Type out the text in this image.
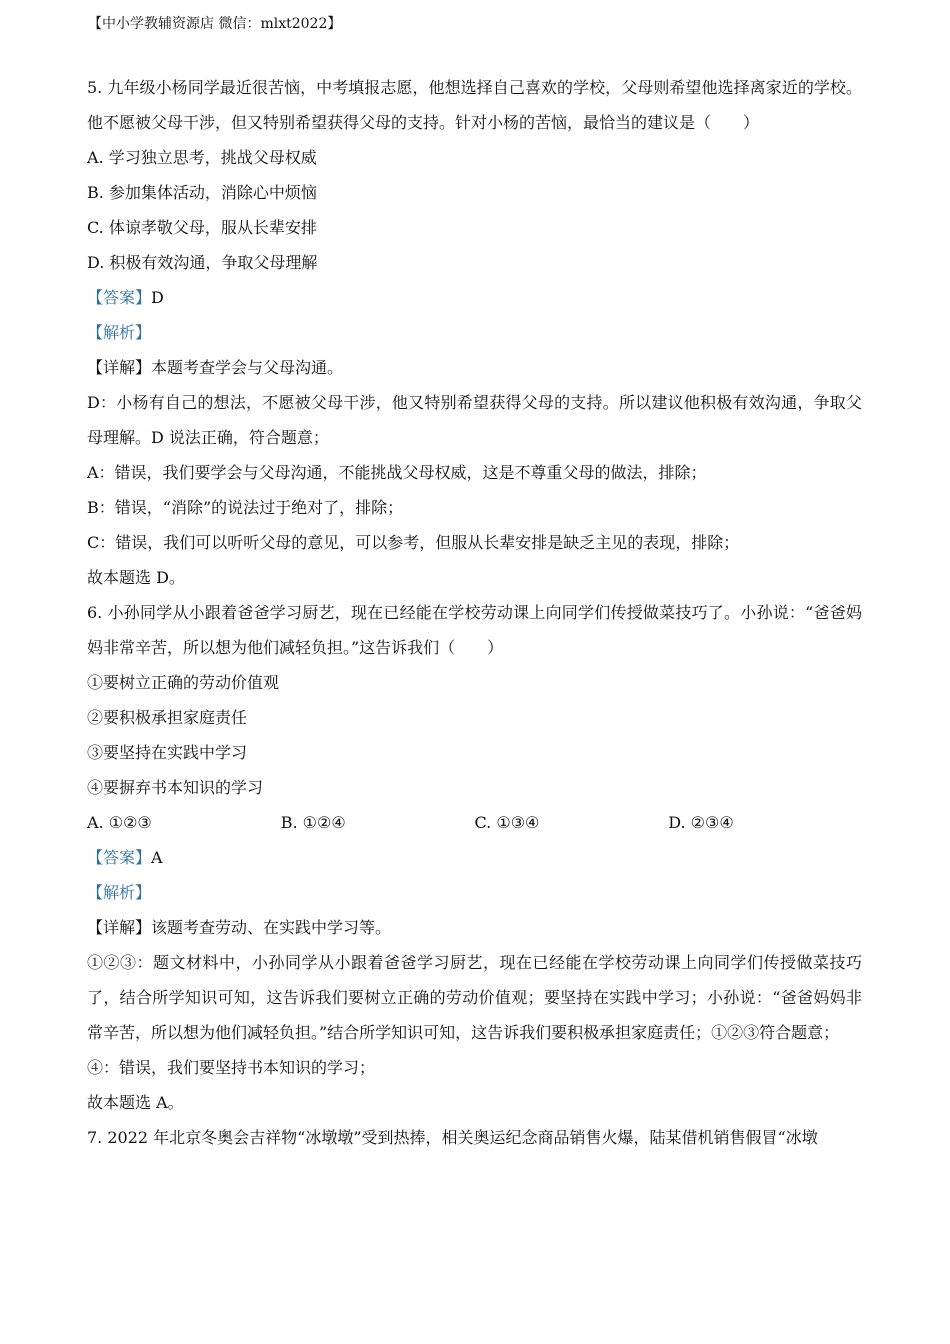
【中小学教辅资源店 微信：mlxt2022】

5. 九年级小杨同学最近很苦恼，中考填报志愿，他想选择自己喜欢的学校，父母则希望他选择离家近的学校。他不愿被父母干涉，但又特别希望获得父母的支持。针对小杨的苦恼，最恰当的建议是（　　）

A. 学习独立思考，挑战父母权威

B. 参加集体活动，消除心中烦恼

C. 体谅孝敬父母，服从长辈安排

D. 积极有效沟通，争取父母理解

【答案】D

【解析】

【详解】本题考查学会与父母沟通。

D：小杨有自己的想法，不愿被父母干涉，他又特别希望获得父母的支持。所以建议他积极有效沟通，争取父母理解。D 说法正确，符合题意；

A：错误，我们要学会与父母沟通，不能挑战父母权威，这是不尊重父母的做法，排除；

B：错误，“消除”的说法过于绝对了，排除；

C：错误，我们可以听听父母的意见，可以参考，但服从长辈安排是缺乏主见的表现，排除；

故本题选 D。

6. 小孙同学从小跟着爸爸学习厨艺，现在已经能在学校劳动课上向同学们传授做菜技巧了。小孙说：“爸爸妈妈非常辛苦，所以想为他们减轻负担。”这告诉我们（　　）

①要树立正确的劳动价值观

②要积极承担家庭责任

③要坚持在实践中学习

④要摒弃书本知识的学习

A. ①②③	B. ①②④	C. ①③④	D. ②③④

【答案】A

【解析】

【详解】该题考查劳动、在实践中学习等。

①②③：题文材料中，小孙同学从小跟着爸爸学习厨艺，现在已经能在学校劳动课上向同学们传授做菜技巧了，结合所学知识可知，这告诉我们要树立正确的劳动价值观；要坚持在实践中学习；小孙说：“爸爸妈妈非常辛苦，所以想为他们减轻负担。”结合所学知识可知，这告诉我们要积极承担家庭责任；①②③符合题意；

④：错误，我们要坚持书本知识的学习；

故本题选 A。

7. 2022 年北京冬奥会吉祥物“冰墩墩”受到热捧，相关奥运纪念商品销售火爆，陆某借机销售假冒“冰墩
